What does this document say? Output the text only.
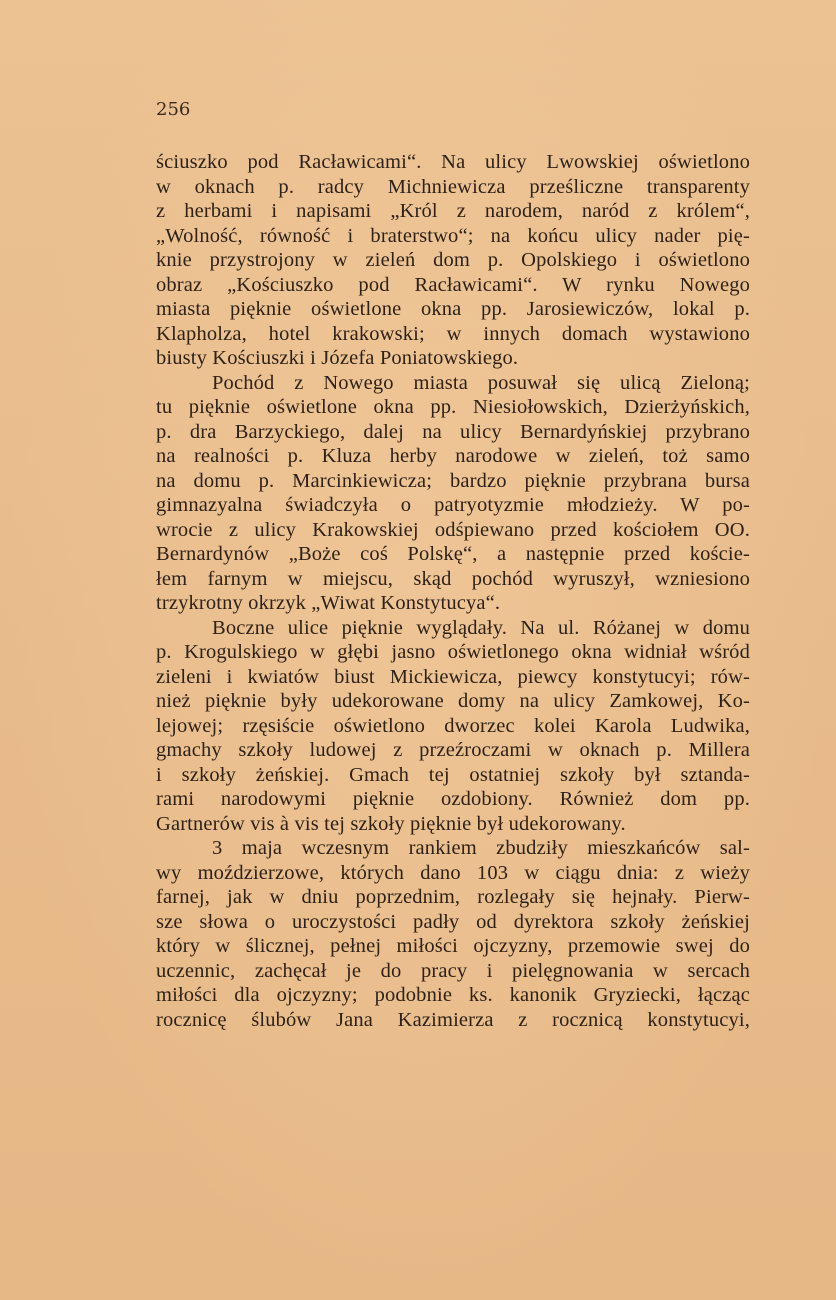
256

ściuszko pod Racławicami“. Na ulicy Lwowskiej oświetlono
w oknach p. radcy Michniewicza prześliczne transparenty
z herbami i napisami „Król z narodem, naród z królem“,
„Wolność, równość i braterstwo“; na końcu ulicy nader pię-
knie przystrojony w zieleń dom p. Opolskiego i oświetlono
obraz „Kościuszko pod Racławicami“. W rynku Nowego
miasta pięknie oświetlone okna pp. Jarosiewiczów, lokal p.
Klapholza, hotel krakowski; w innych domach wystawiono
biusty Kościuszki i Józefa Poniatowskiego.
Pochód z Nowego miasta posuwał się ulicą Zieloną;
tu pięknie oświetlone okna pp. Niesiołowskich, Dzierżyńskich,
p. dra Barzyckiego, dalej na ulicy Bernardyńskiej przybrano
na realności p. Kluza herby narodowe w zieleń, toż samo
na domu p. Marcinkiewicza; bardzo pięknie przybrana bursa
gimnazyalna świadczyła o patryotyzmie młodzieży. W po-
wrocie z ulicy Krakowskiej odśpiewano przed kościołem OO.
Bernardynów „Boże coś Polskę“, a następnie przed koście-
łem farnym w miejscu, skąd pochód wyruszył, wzniesiono
trzykrotny okrzyk „Wiwat Konstytucya“.
Boczne ulice pięknie wyglądały. Na ul. Różanej w domu
p. Krogulskiego w głębi jasno oświetlonego okna widniał wśród
zieleni i kwiatów biust Mickiewicza, piewcy konstytucyi; rów-
nież pięknie były udekorowane domy na ulicy Zamkowej, Ko-
lejowej; rzęsiście oświetlono dworzec kolei Karola Ludwika,
gmachy szkoły ludowej z przeźroczami w oknach p. Millera
i szkoły żeńskiej. Gmach tej ostatniej szkoły był sztanda-
rami narodowymi pięknie ozdobiony. Również dom pp.
Gartnerów vis à vis tej szkoły pięknie był udekorowany.
3 maja wczesnym rankiem zbudziły mieszkańców sal-
wy moździerzowe, których dano 103 w ciągu dnia: z wieży
farnej, jak w dniu poprzednim, rozlegały się hejnały. Pierw-
sze słowa o uroczystości padły od dyrektora szkoły żeńskiej
który w ślicznej, pełnej miłości ojczyzny, przemowie swej do
uczennic, zachęcał je do pracy i pielęgnowania w sercach
miłości dla ojczyzny; podobnie ks. kanonik Gryziecki, łącząc
rocznicę ślubów Jana Kazimierza z rocznicą konstytucyi,
